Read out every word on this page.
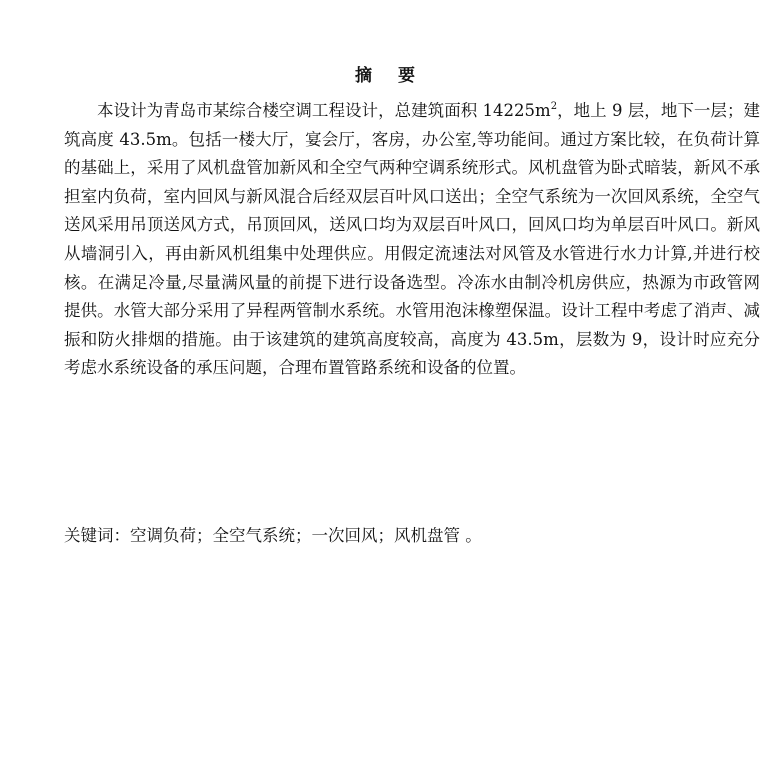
摘 要

本设计为青岛市某综合楼空调工程设计，总建筑面积 $14225m^2$，地上 9 层，地下一层；建筑高度 43.5m。包括一楼大厅，宴会厅，客房，办公室,等功能间。通过方案比较，在负荷计算的基础上，采用了风机盘管加新风和全空气两种空调系统形式。风机盘管为卧式暗装，新风不承担室内负荷，室内回风与新风混合后经双层百叶风口送出；全空气系统为一次回风系统，全空气送风采用吊顶送风方式，吊顶回风，送风口均为双层百叶风口，回风口均为单层百叶风口。新风从墙洞引入，再由新风机组集中处理供应。用假定流速法对风管及水管进行水力计算,并进行校核。在满足冷量,尽量满风量的前提下进行设备选型。冷冻水由制冷机房供应，热源为市政管网提供。水管大部分采用了异程两管制水系统。水管用泡沫橡塑保温。设计工程中考虑了消声、减振和防火排烟的措施。由于该建筑的建筑高度较高，高度为 43.5m，层数为 9，设计时应充分考虑水系统设备的承压问题，合理布置管路系统和设备的位置。

关键词：空调负荷；全空气系统；一次回风；风机盘管 。
